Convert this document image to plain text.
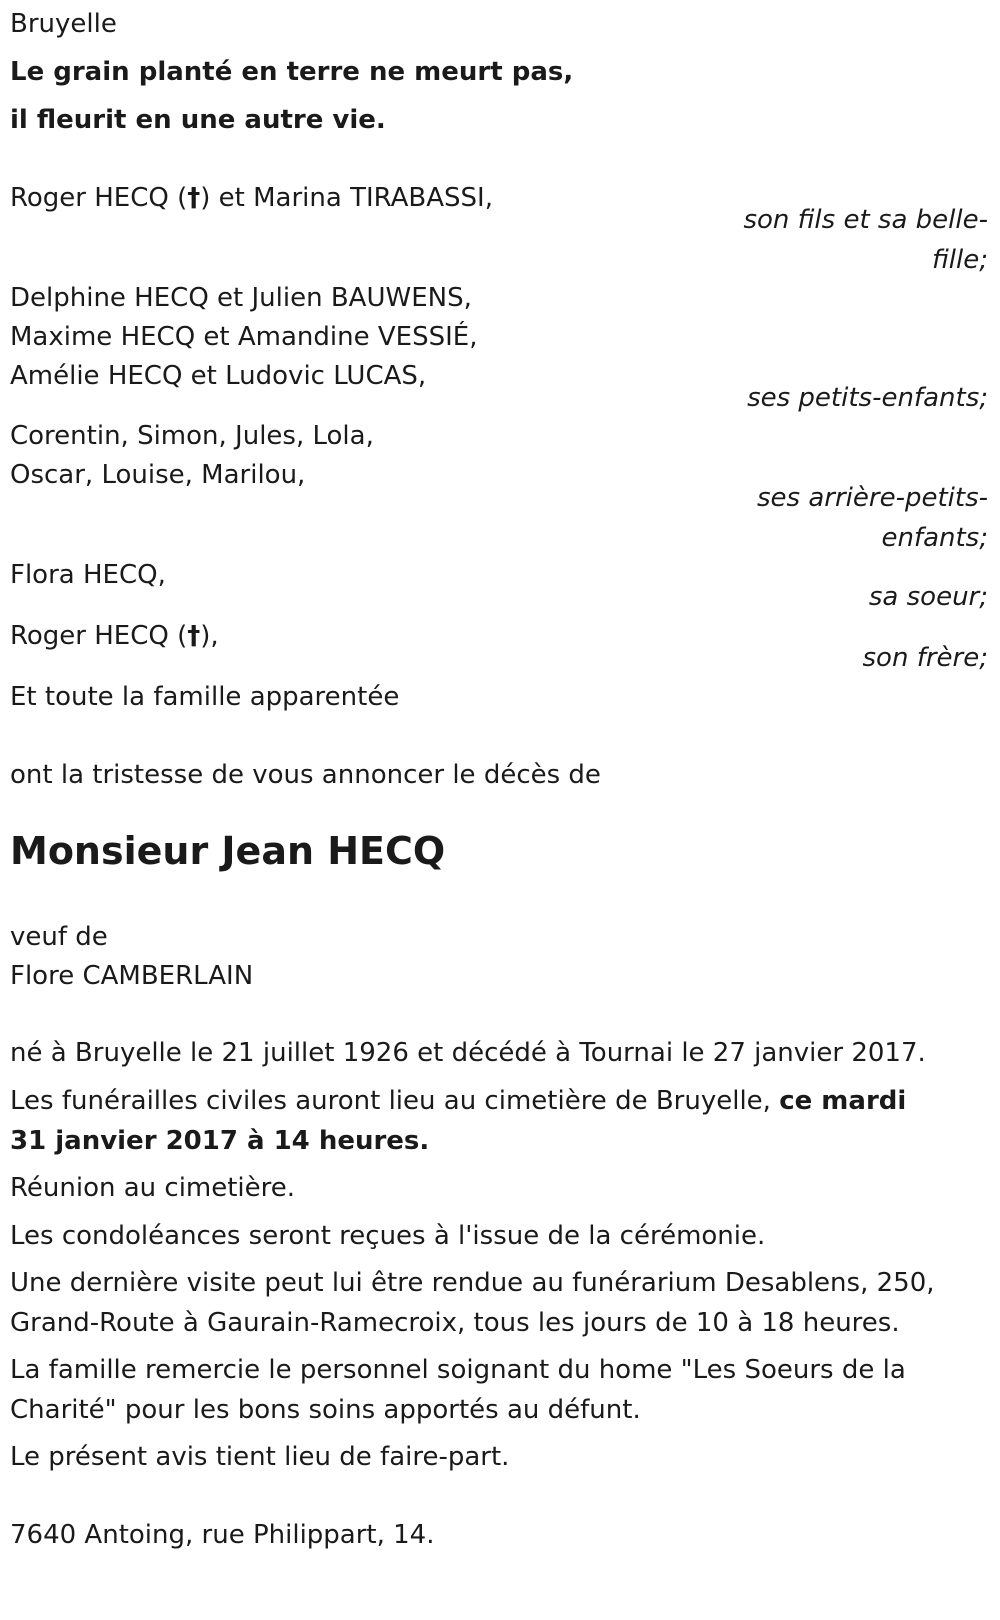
Bruyelle

Le grain planté en terre ne meurt pas,

il fleurit en une autre vie.

Roger HECQ (†) et Marina TIRABASSI,

son fils et sa belle-fille;

Delphine HECQ et Julien BAUWENS,

Maxime HECQ et Amandine VESSIÉ,

Amélie HECQ et Ludovic LUCAS,

ses petits-enfants;

Corentin, Simon, Jules, Lola,

Oscar, Louise, Marilou,

ses arrière-petits-enfants;

Flora HECQ,

sa soeur;

Roger HECQ (†),

son frère;

Et toute la famille apparentée

ont la tristesse de vous annoncer le décès de

Monsieur Jean HECQ

veuf de

Flore CAMBERLAIN

né à Bruyelle le 21 juillet 1926 et décédé à Tournai le 27 janvier 2017.

Les funérailles civiles auront lieu au cimetière de Bruyelle, ce mardi 31 janvier 2017 à 14 heures.

Réunion au cimetière.

Les condoléances seront reçues à l'issue de la cérémonie.

Une dernière visite peut lui être rendue au funérarium Desablens, 250, Grand-Route à Gaurain-Ramecroix, tous les jours de 10 à 18 heures.

La famille remercie le personnel soignant du home "Les Soeurs de la Charité" pour les bons soins apportés au défunt.

Le présent avis tient lieu de faire-part.

7640 Antoing, rue Philippart, 14.
